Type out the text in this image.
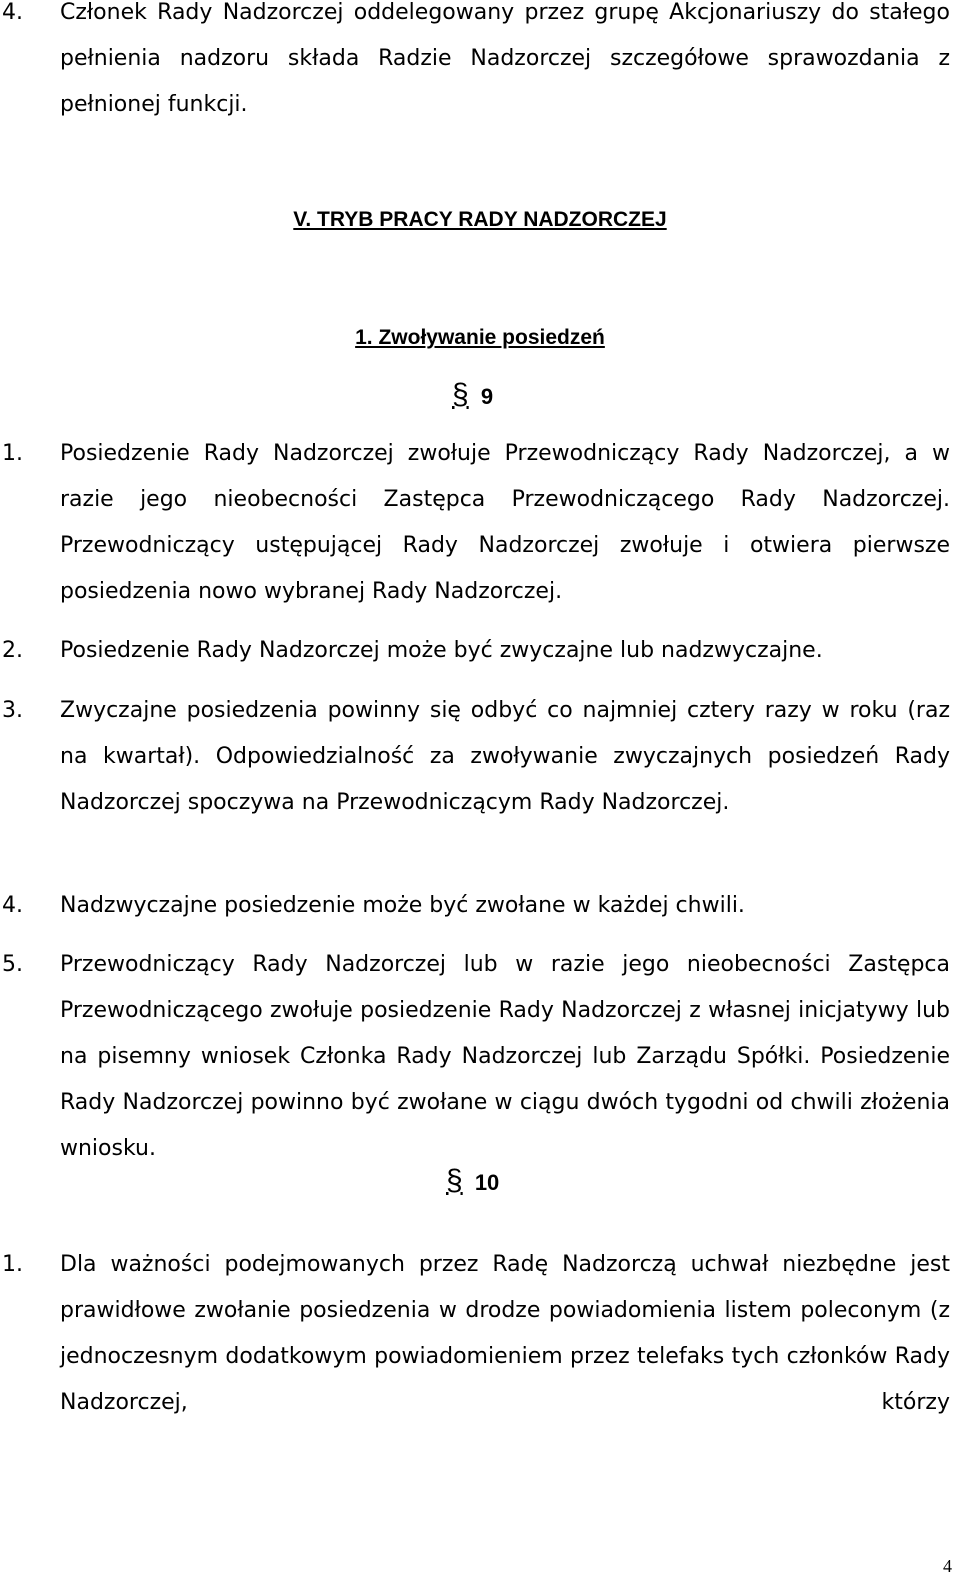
4. Członek Rady Nadzorczej oddelegowany przez grupę Akcjonariuszy do stałego pełnienia nadzoru składa Radzie Nadzorczej szczegółowe sprawozdania z pełnionej funkcji.
V. TRYB PRACY RADY NADZORCZEJ
1. Zwoływanie posiedzeń
§ 9
1. Posiedzenie Rady Nadzorczej zwołuje Przewodniczący Rady Nadzorczej, a w razie jego nieobecności Zastępca Przewodniczącego Rady Nadzorczej. Przewodniczący ustępującej Rady Nadzorczej zwołuje i otwiera pierwsze posiedzenia nowo wybranej Rady Nadzorczej.
2. Posiedzenie Rady Nadzorczej może być zwyczajne lub nadzwyczajne.
3. Zwyczajne posiedzenia powinny się odbyć co najmniej cztery razy w roku (raz na kwartał). Odpowiedzialność za zwoływanie zwyczajnych posiedzeń Rady Nadzorczej spoczywa na Przewodniczącym Rady Nadzorczej.
4. Nadzwyczajne posiedzenie może być zwołane w każdej chwili.
5. Przewodniczący Rady Nadzorczej lub w razie jego nieobecności Zastępca Przewodniczącego zwołuje posiedzenie Rady Nadzorczej z własnej inicjatywy lub na pisemny wniosek Członka Rady Nadzorczej lub Zarządu Spółki. Posiedzenie Rady Nadzorczej powinno być zwołane w ciągu dwóch tygodni od chwili złożenia wniosku.
§ 10
1. Dla ważności podejmowanych przez Radę Nadzorczą uchwał niezbędne jest prawidłowe zwołanie posiedzenia w drodze powiadomienia listem poleconym (z jednoczesnym dodatkowym powiadomieniem przez telefaks tych członków Rady Nadzorczej, którzy
4
